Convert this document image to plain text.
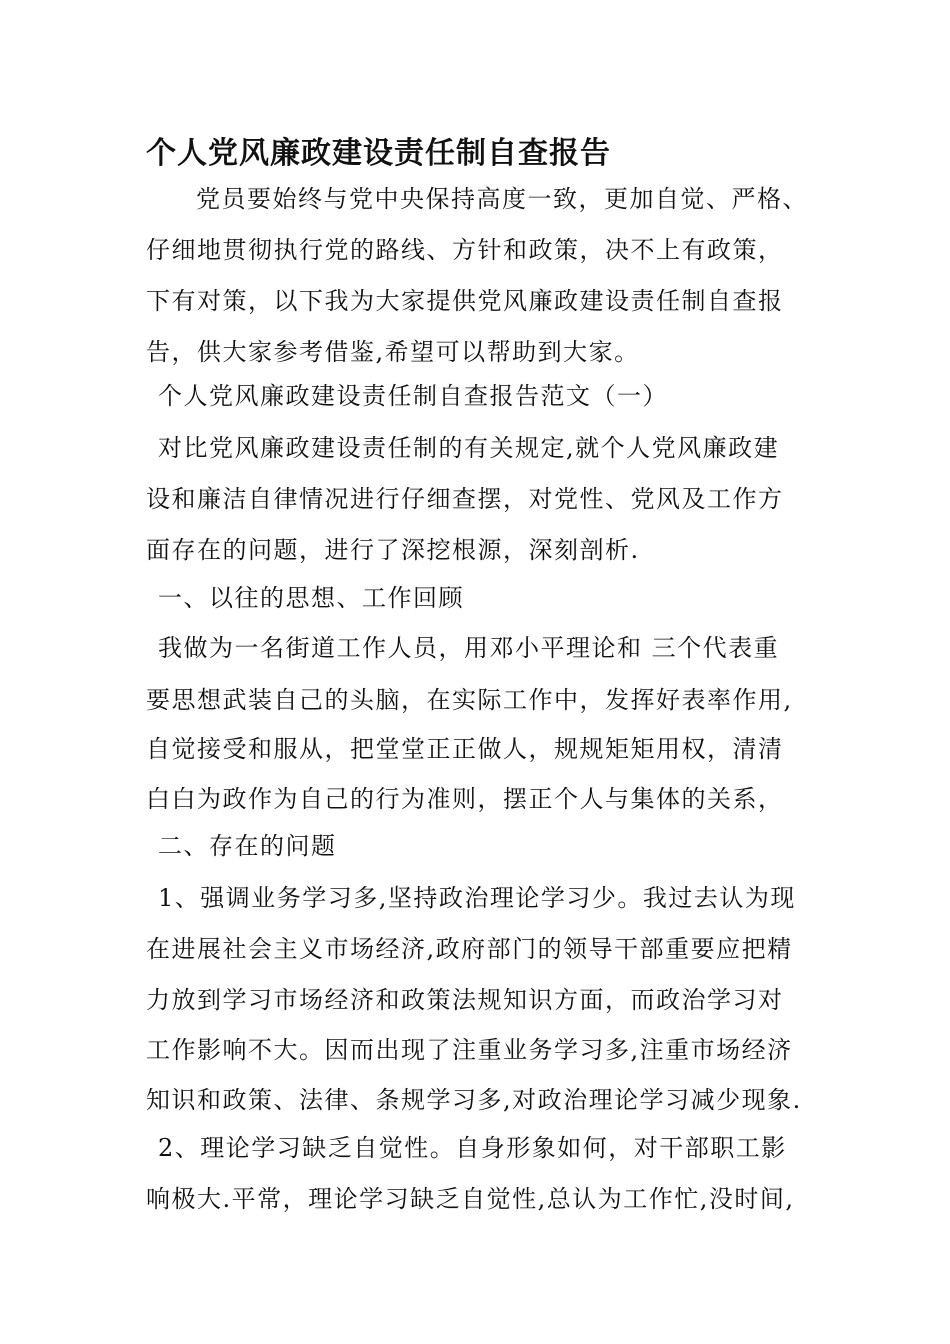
个人党风廉政建设责任制自查报告
党员要始终与党中央保持高度一致，更加自觉、严格、
仔细地贯彻执行党的路线、方针和政策，决不上有政策，
下有对策，以下我为大家提供党风廉政建设责任制自查报
告，供大家参考借鉴,希望可以帮助到大家。
个人党风廉政建设责任制自查报告范文（一）
对比党风廉政建设责任制的有关规定,就个人党风廉政建
设和廉洁自律情况进行仔细查摆，对党性、党风及工作方
面存在的问题，进行了深挖根源，深刻剖析.
一、以往的思想、工作回顾
我做为一名街道工作人员，用邓小平理论和 三个代表重
要思想武装自己的头脑，在实际工作中，发挥好表率作用,
自觉接受和服从，把堂堂正正做人，规规矩矩用权，清清
白白为政作为自己的行为准则，摆正个人与集体的关系，
二、存在的问题
1、强调业务学习多,坚持政治理论学习少。我过去认为现
在进展社会主义市场经济,政府部门的领导干部重要应把精
力放到学习市场经济和政策法规知识方面，而政治学习对
工作影响不大。因而出现了注重业务学习多,注重市场经济
知识和政策、法律、条规学习多,对政治理论学习减少现象.
2、理论学习缺乏自觉性。自身形象如何，对干部职工影
响极大.平常，理论学习缺乏自觉性,总认为工作忙,没时间,
